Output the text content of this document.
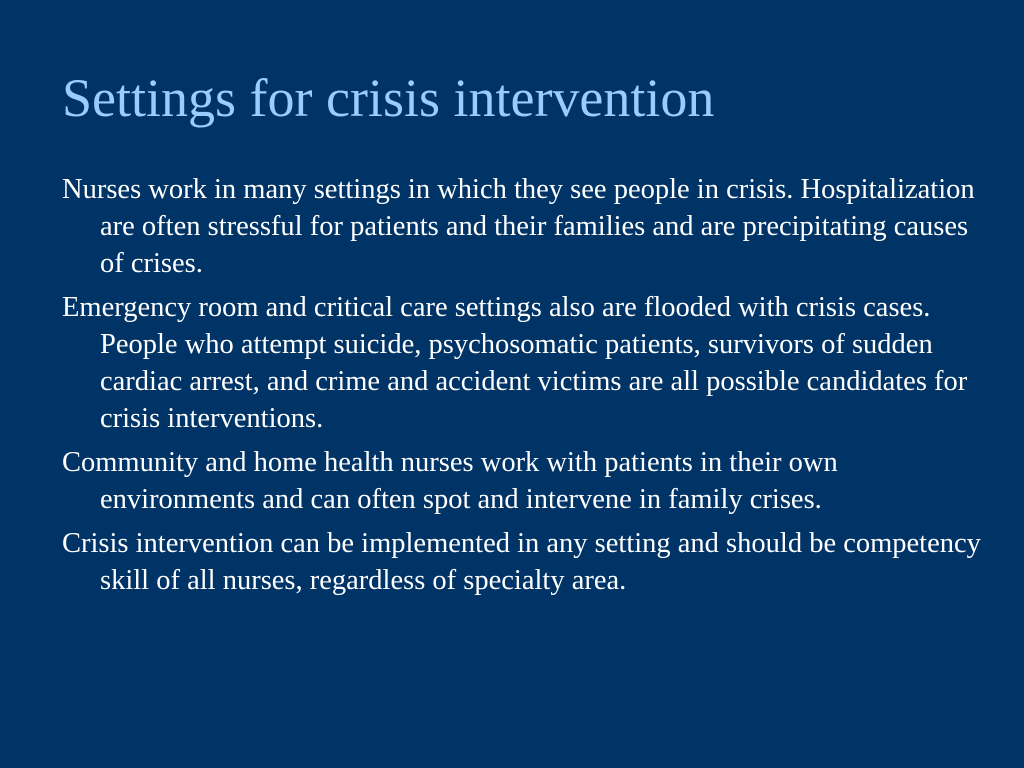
Settings for crisis intervention
Nurses work in many settings in which they see people in crisis. Hospitalization are often stressful for patients and their families and are precipitating causes of crises.
Emergency room and critical care settings also are flooded with crisis cases. People who attempt suicide, psychosomatic patients, survivors of sudden cardiac arrest, and crime and accident victims are all possible candidates for crisis interventions.
Community and home health nurses work with patients in their own environments and can often spot and intervene in family crises.
Crisis intervention can be implemented in any setting and should be competency skill of all nurses, regardless of specialty area.
